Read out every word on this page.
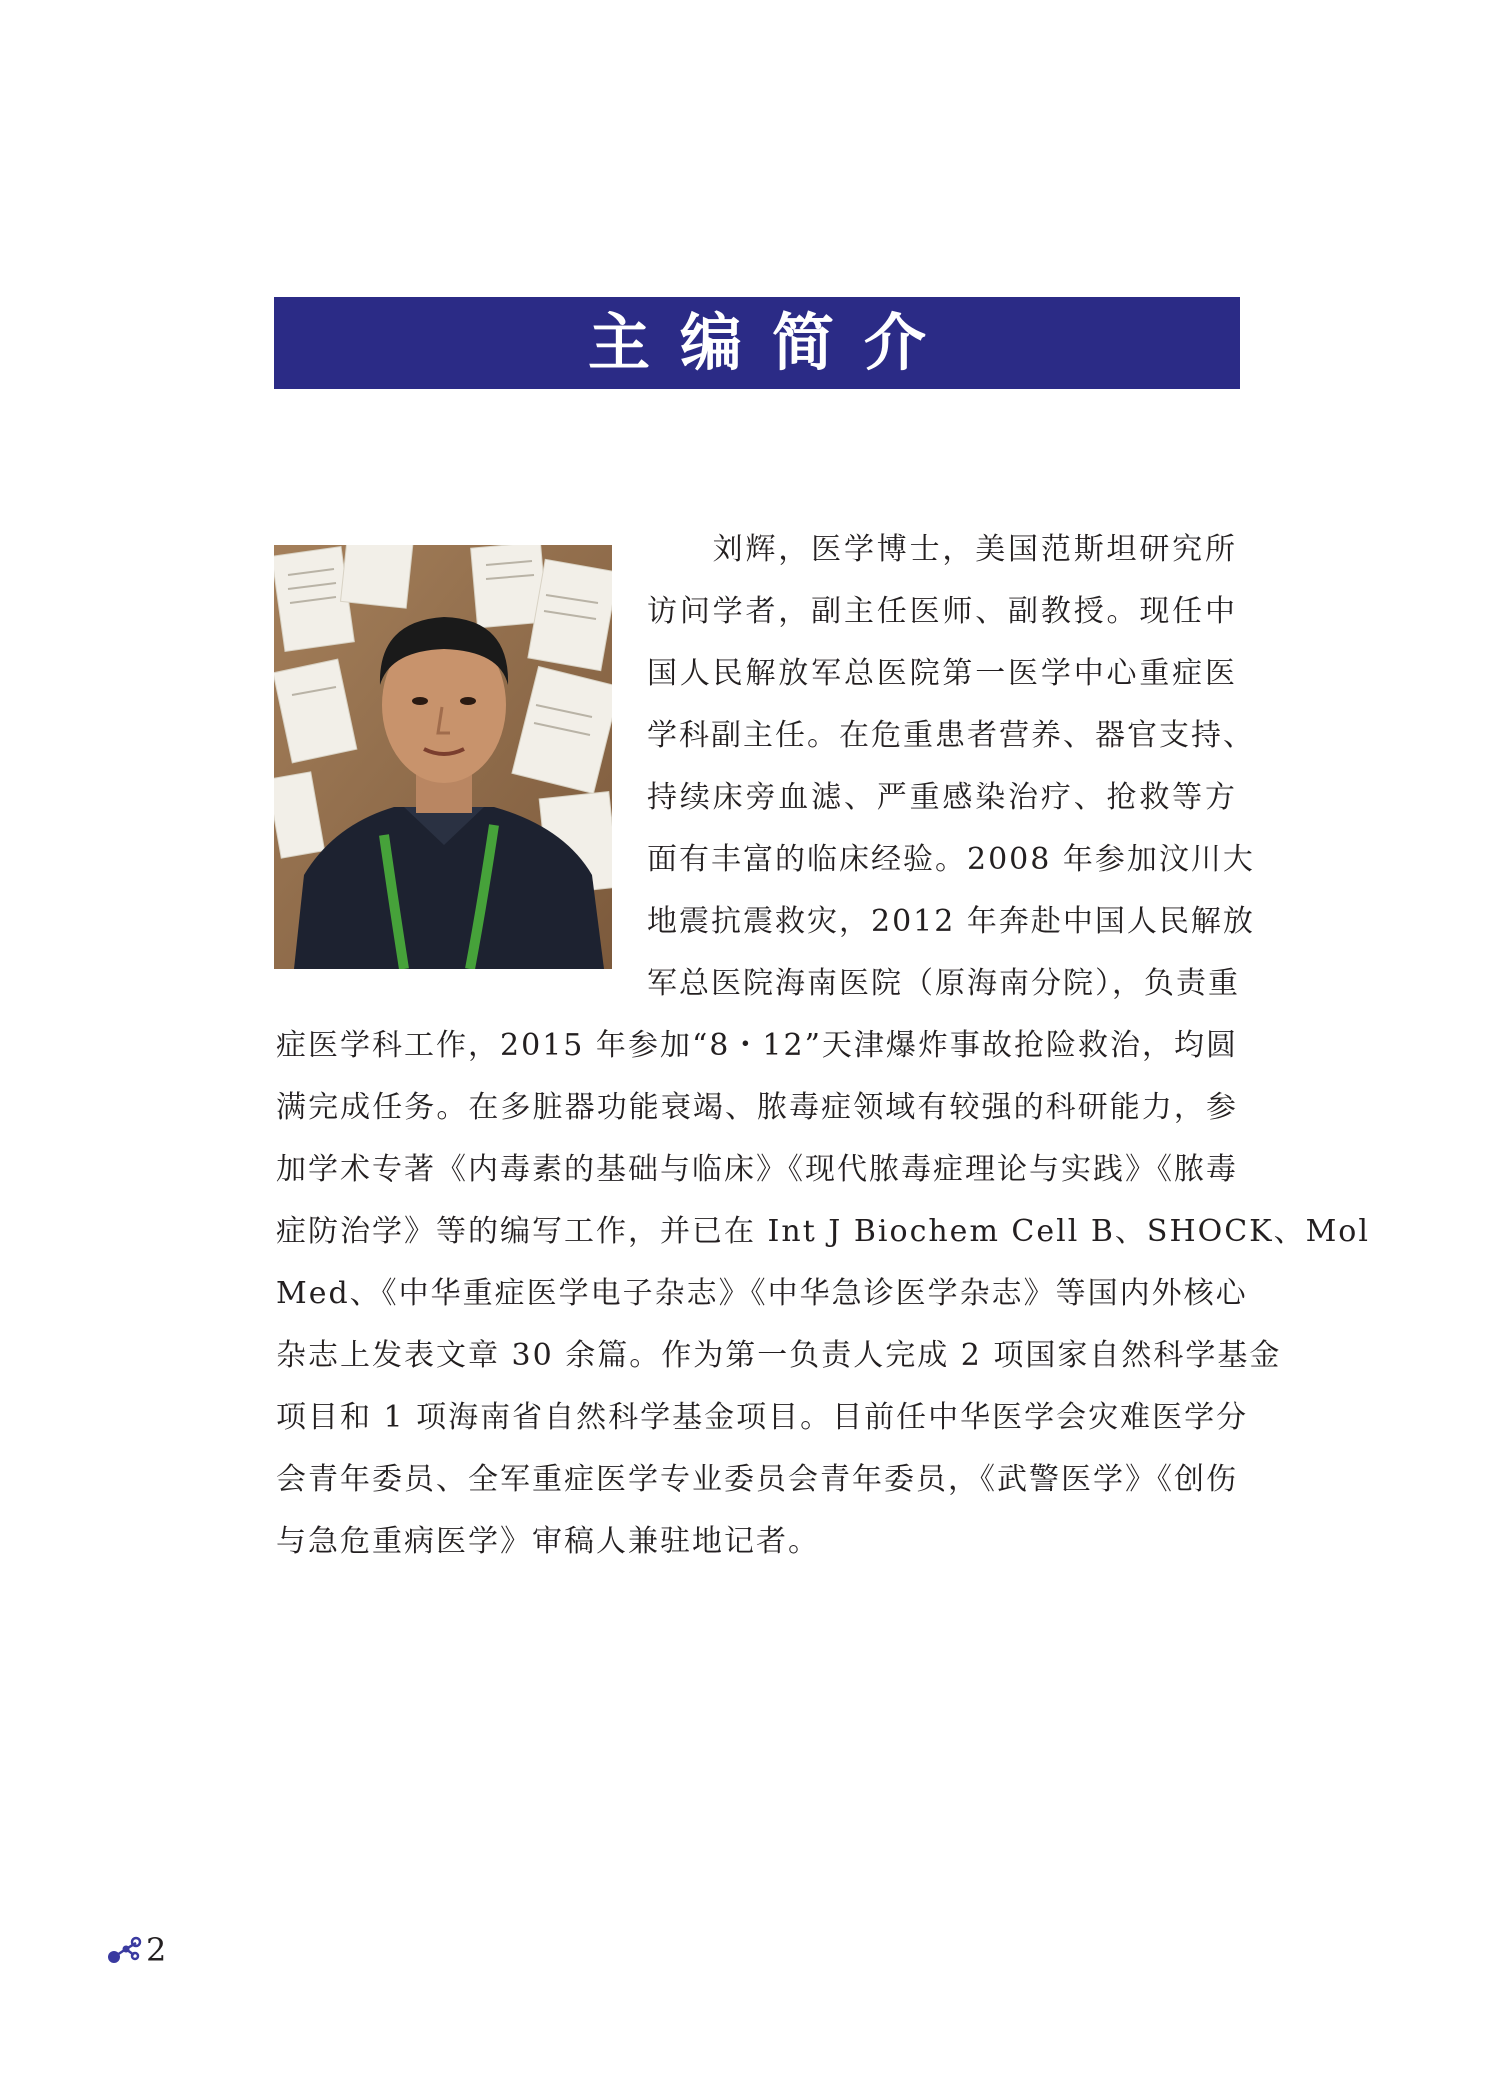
主编简介
　　刘辉，医学博士，美国范斯坦研究所
访问学者，副主任医师、副教授。现任中
国人民解放军总医院第一医学中心重症医
学科副主任。在危重患者营养、器官支持、
持续床旁血滤、严重感染治疗、抢救等方
面有丰富的临床经验。2008 年参加汶川大
地震抗震救灾，2012 年奔赴中国人民解放
军总医院海南医院（原海南分院），负责重
症医学科工作，2015 年参加“8・12”天津爆炸事故抢险救治，均圆
满完成任务。在多脏器功能衰竭、脓毒症领域有较强的科研能力，参
加学术专著《内毒素的基础与临床》《现代脓毒症理论与实践》《脓毒
症防治学》等的编写工作，并已在 Int J Biochem Cell B、SHOCK、Mol
Med、《中华重症医学电子杂志》《中华急诊医学杂志》等国内外核心
杂志上发表文章 30 余篇。作为第一负责人完成 2 项国家自然科学基金
项目和 1 项海南省自然科学基金项目。目前任中华医学会灾难医学分
会青年委员、全军重症医学专业委员会青年委员，《武警医学》《创伤
与急危重病医学》审稿人兼驻地记者。
2
